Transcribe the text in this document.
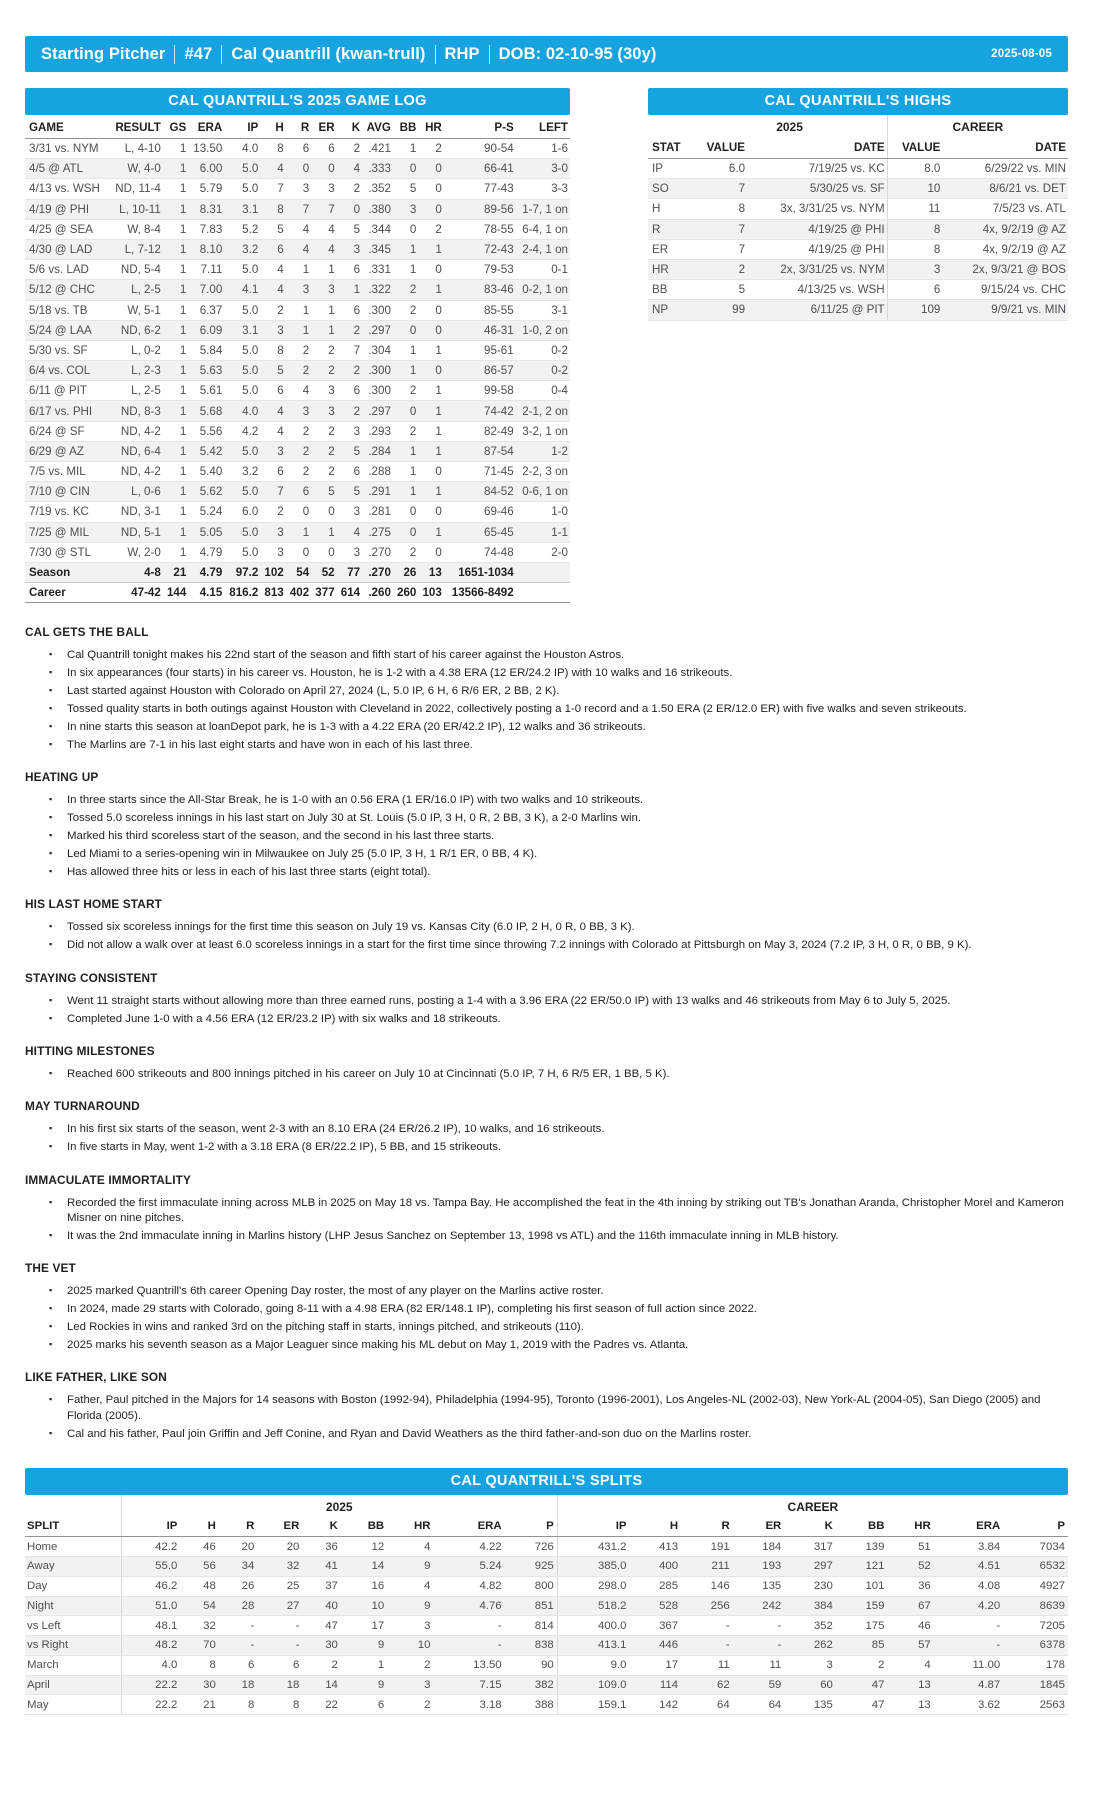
Starting Pitcher	#47	Cal Quantrill (kwan-trull)	RHP	DOB: 02-10-95 (30y)	2025-08-05
CAL QUANTRILL'S 2025 GAME LOG
GAME	RESULT	GS	ERA	IP	H	R	ER	K	AVG	BB	HR	P-S	LEFT
3/31 vs. NYM	L, 4-10	1	13.50	4.0	8	6	6	2	.421	1	2	90-54	1-6
4/5 @ ATL	W, 4-0	1	6.00	5.0	4	0	0	4	.333	0	0	66-41	3-0
4/13 vs. WSH	ND, 11-4	1	5.79	5.0	7	3	3	2	.352	5	0	77-43	3-3
4/19 @ PHI	L, 10-11	1	8.31	3.1	8	7	7	0	.380	3	0	89-56	1-7, 1 on
4/25 @ SEA	W, 8-4	1	7.83	5.2	5	4	4	5	.344	0	2	78-55	6-4, 1 on
4/30 @ LAD	L, 7-12	1	8.10	3.2	6	4	4	3	.345	1	1	72-43	2-4, 1 on
5/6 vs. LAD	ND, 5-4	1	7.11	5.0	4	1	1	6	.331	1	0	79-53	0-1
5/12 @ CHC	L, 2-5	1	7.00	4.1	4	3	3	1	.322	2	1	83-46	0-2, 1 on
5/18 vs. TB	W, 5-1	1	6.37	5.0	2	1	1	6	.300	2	0	85-55	3-1
5/24 @ LAA	ND, 6-2	1	6.09	3.1	3	1	1	2	.297	0	0	46-31	1-0, 2 on
5/30 vs. SF	L, 0-2	1	5.84	5.0	8	2	2	7	.304	1	1	95-61	0-2
6/4 vs. COL	L, 2-3	1	5.63	5.0	5	2	2	2	.300	1	0	86-57	0-2
6/11 @ PIT	L, 2-5	1	5.61	5.0	6	4	3	6	.300	2	1	99-58	0-4
6/17 vs. PHI	ND, 8-3	1	5.68	4.0	4	3	3	2	.297	0	1	74-42	2-1, 2 on
6/24 @ SF	ND, 4-2	1	5.56	4.2	4	2	2	3	.293	2	1	82-49	3-2, 1 on
6/29 @ AZ	ND, 6-4	1	5.42	5.0	3	2	2	5	.284	1	1	87-54	1-2
7/5 vs. MIL	ND, 4-2	1	5.40	3.2	6	2	2	6	.288	1	0	71-45	2-2, 3 on
7/10 @ CIN	L, 0-6	1	5.62	5.0	7	6	5	5	.291	1	1	84-52	0-6, 1 on
7/19 vs. KC	ND, 3-1	1	5.24	6.0	2	0	0	3	.281	0	0	69-46	1-0
7/25 @ MIL	ND, 5-1	1	5.05	5.0	3	1	1	4	.275	0	1	65-45	1-1
7/30 @ STL	W, 2-0	1	4.79	5.0	3	0	0	3	.270	2	0	74-48	2-0
Season	4-8	21	4.79	97.2	102	54	52	77	.270	26	13	1651-1034	
Career	47-42	144	4.15	816.2	813	402	377	614	.260	260	103	13566-8492	
CAL QUANTRILL'S HIGHS
	2025		CAREER	
STAT	VALUE	DATE	VALUE	DATE
IP	6.0	7/19/25 vs. KC	8.0	6/29/22 vs. MIN
SO	7	5/30/25 vs. SF	10	8/6/21 vs. DET
H	8	3x, 3/31/25 vs. NYM	11	7/5/23 vs. ATL
R	7	4/19/25 @ PHI	8	4x, 9/2/19 @ AZ
ER	7	4/19/25 @ PHI	8	4x, 9/2/19 @ AZ
HR	2	2x, 3/31/25 vs. NYM	3	2x, 9/3/21 @ BOS
BB	5	4/13/25 vs. WSH	6	9/15/24 vs. CHC
NP	99	6/11/25 @ PIT	109	9/9/21 vs. MIN
CAL GETS THE BALL
▪ Cal Quantrill tonight makes his 22nd start of the season and fifth start of his career against the Houston Astros.
▪ In six appearances (four starts) in his career vs. Houston, he is 1-2 with a 4.38 ERA (12 ER/24.2 IP) with 10 walks and 16 strikeouts.
▪ Last started against Houston with Colorado on April 27, 2024 (L, 5.0 IP, 6 H, 6 R/6 ER, 2 BB, 2 K).
▪ Tossed quality starts in both outings against Houston with Cleveland in 2022, collectively posting a 1-0 record and a 1.50 ERA (2 ER/12.0 ER) with five walks and seven strikeouts.
▪ In nine starts this season at loanDepot park, he is 1-3 with a 4.22 ERA (20 ER/42.2 IP), 12 walks and 36 strikeouts.
▪ The Marlins are 7-1 in his last eight starts and have won in each of his last three.
HEATING UP
▪ In three starts since the All-Star Break, he is 1-0 with an 0.56 ERA (1 ER/16.0 IP) with two walks and 10 strikeouts.
▪ Tossed 5.0 scoreless innings in his last start on July 30 at St. Louis (5.0 IP, 3 H, 0 R, 2 BB, 3 K), a 2-0 Marlins win.
▪ Marked his third scoreless start of the season, and the second in his last three starts.
▪ Led Miami to a series-opening win in Milwaukee on July 25 (5.0 IP, 3 H, 1 R/1 ER, 0 BB, 4 K).
▪ Has allowed three hits or less in each of his last three starts (eight total).
HIS LAST HOME START
▪ Tossed six scoreless innings for the first time this season on July 19 vs. Kansas City (6.0 IP, 2 H, 0 R, 0 BB, 3 K).
▪ Did not allow a walk over at least 6.0 scoreless innings in a start for the first time since throwing 7.2 innings with Colorado at Pittsburgh on May 3, 2024 (7.2 IP, 3 H, 0 R, 0 BB, 9 K).
STAYING CONSISTENT
▪ Went 11 straight starts without allowing more than three earned runs, posting a 1-4 with a 3.96 ERA (22 ER/50.0 IP) with 13 walks and 46 strikeouts from May 6 to July 5, 2025.
▪ Completed June 1-0 with a 4.56 ERA (12 ER/23.2 IP) with six walks and 18 strikeouts.
HITTING MILESTONES
▪ Reached 600 strikeouts and 800 innings pitched in his career on July 10 at Cincinnati (5.0 IP, 7 H, 6 R/5 ER, 1 BB, 5 K).
MAY TURNAROUND
▪ In his first six starts of the season, went 2-3 with an 8.10 ERA (24 ER/26.2 IP), 10 walks, and 16 strikeouts.
▪ In five starts in May, went 1-2 with a 3.18 ERA (8 ER/22.2 IP), 5 BB, and 15 strikeouts.
IMMACULATE IMMORTALITY
▪ Recorded the first immaculate inning across MLB in 2025 on May 18 vs. Tampa Bay. He accomplished the feat in the 4th inning by striking out TB's Jonathan Aranda, Christopher Morel and Kameron Misner on nine pitches.
▪ It was the 2nd immaculate inning in Marlins history (LHP Jesus Sanchez on September 13, 1998 vs ATL) and the 116th immaculate inning in MLB history.
THE VET
▪ 2025 marked Quantrill's 6th career Opening Day roster, the most of any player on the Marlins active roster.
▪ In 2024, made 29 starts with Colorado, going 8-11 with a 4.98 ERA (82 ER/148.1 IP), completing his first season of full action since 2022.
▪ Led Rockies in wins and ranked 3rd on the pitching staff in starts, innings pitched, and strikeouts (110).
▪ 2025 marks his seventh season as a Major Leaguer since making his ML debut on May 1, 2019 with the Padres vs. Atlanta.
LIKE FATHER, LIKE SON
▪ Father, Paul pitched in the Majors for 14 seasons with Boston (1992-94), Philadelphia (1994-95), Toronto (1996-2001), Los Angeles-NL (2002-03), New York-AL (2004-05), San Diego (2005) and Florida (2005).
▪ Cal and his father, Paul join Griffin and Jeff Conine, and Ryan and David Weathers as the third father-and-son duo on the Marlins roster.
CAL QUANTRILL'S SPLITS
	2025									CAREER								
SPLIT	IP	H	R	ER	K	BB	HR	ERA	P	IP	H	R	ER	K	BB	HR	ERA	P
Home	42.2	46	20	20	36	12	4	4.22	726	431.2	413	191	184	317	139	51	3.84	7034
Away	55.0	56	34	32	41	14	9	5.24	925	385.0	400	211	193	297	121	52	4.51	6532
Day	46.2	48	26	25	37	16	4	4.82	800	298.0	285	146	135	230	101	36	4.08	4927
Night	51.0	54	28	27	40	10	9	4.76	851	518.2	528	256	242	384	159	67	4.20	8639
vs Left	48.1	32	-	-	47	17	3	-	814	400.0	367	-	-	352	175	46	-	7205
vs Right	48.2	70	-	-	30	9	10	-	838	413.1	446	-	-	262	85	57	-	6378
March	4.0	8	6	6	2	1	2	13.50	90	9.0	17	11	11	3	2	4	11.00	178
April	22.2	30	18	18	14	9	3	7.15	382	109.0	114	62	59	60	47	13	4.87	1845
May	22.2	21	8	8	22	6	2	3.18	388	159.1	142	64	64	135	47	13	3.62	2563
